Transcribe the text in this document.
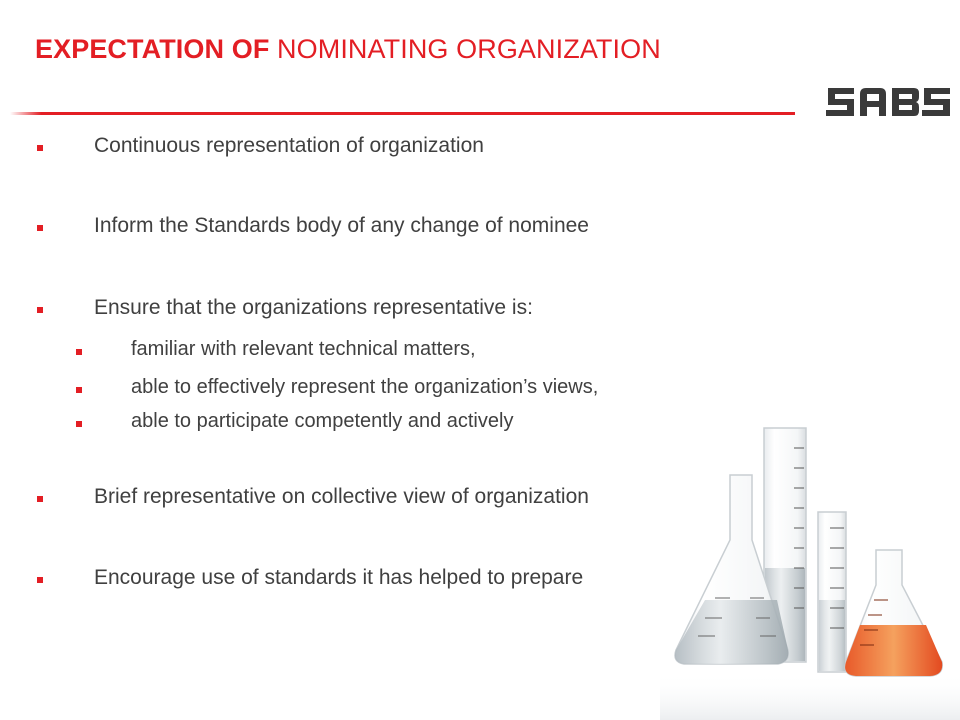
EXPECTATION OF NOMINATING ORGANIZATION
Continuous representation of organization
Inform the Standards body of any change of nominee
Ensure that the organizations representative is:
familiar with relevant technical matters,
able to effectively represent the organization’s views,
able to participate competently and actively
Brief representative on collective view of organization
Encourage use of standards it has helped to prepare
